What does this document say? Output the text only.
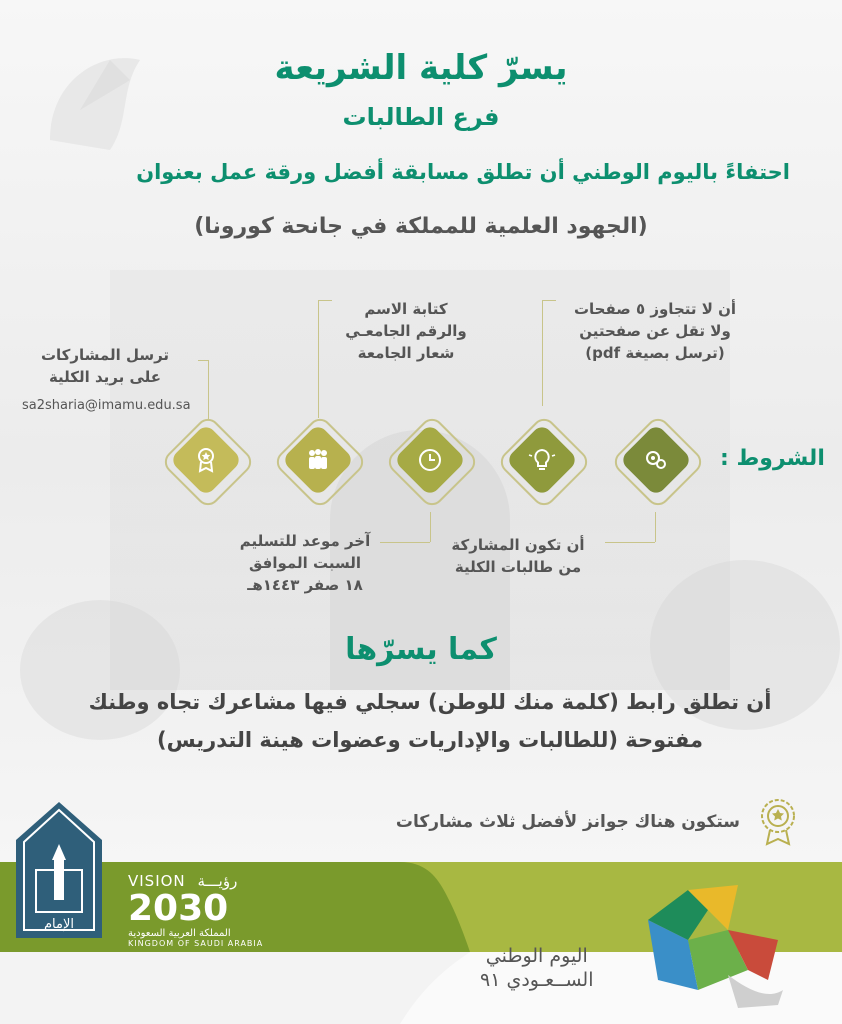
يسرّ كلية الشريعة
فرع الطالبات
احتفاءً باليوم الوطني أن تطلق مسابقة أفضل ورقة عمل بعنوان
(الجهود العلمية للمملكة في جانحة كورونا)
الشروط :
أن لا تتجاوز ٥ صفحات
ولا تقل عن صفحتين
(ترسل بصيغة pdf)
كتابة الاسم
والرقم الجامعـي
شعار الجامعة
ترسل المشاركات
على بريد الكلية
sa2sharia@imamu.edu.sa
أن تكون المشاركة
من طالبات الكلية
آخر موعد للتسليم
السبت الموافق
١٨ صفر ١٤٤٣هـ
كما يسرّها
أن تطلق رابط (كلمة منك للوطن) سجلي فيها مشاعرك تجاه وطنك
مفتوحة (للطالبات والإداريات وعضوات هينة التدريس)
ستكون هناك جوانز لأفضل ثلاث مشاركات
الإمام
VISION رؤيـــة
2030
المملكة العربية السعودية
KINGDOM OF SAUDI ARABIA
اليوم الوطني
الســعـودي ٩١
